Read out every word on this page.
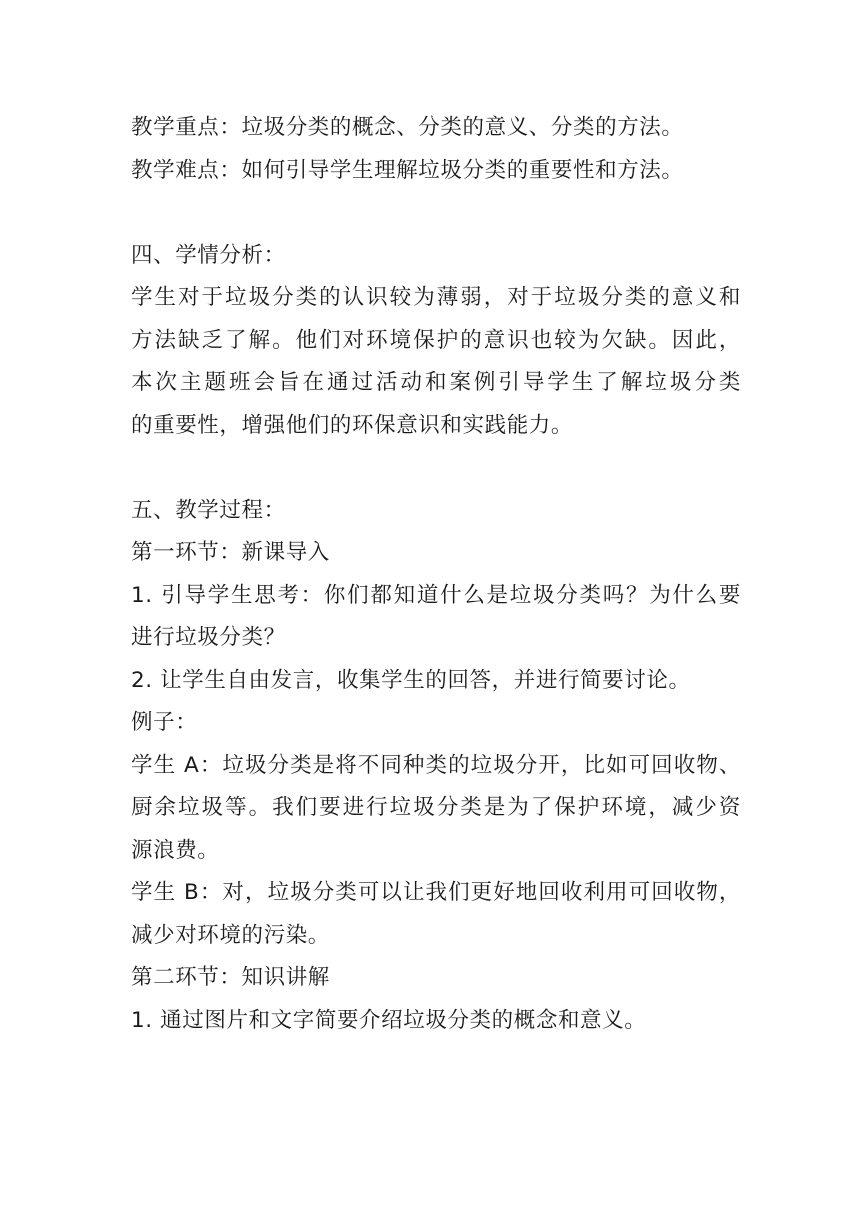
教学重点：垃圾分类的概念、分类的意义、分类的方法。
教学难点：如何引导学生理解垃圾分类的重要性和方法。
四、学情分析：
学生对于垃圾分类的认识较为薄弱，对于垃圾分类的意义和
方法缺乏了解。他们对环境保护的意识也较为欠缺。因此，
本次主题班会旨在通过活动和案例引导学生了解垃圾分类
的重要性，增强他们的环保意识和实践能力。
五、教学过程：
第一环节：新课导入
1. 引导学生思考：你们都知道什么是垃圾分类吗？为什么要
进行垃圾分类？
2. 让学生自由发言，收集学生的回答，并进行简要讨论。
例子：
学生 A：垃圾分类是将不同种类的垃圾分开，比如可回收物、
厨余垃圾等。我们要进行垃圾分类是为了保护环境，减少资
源浪费。
学生 B：对，垃圾分类可以让我们更好地回收利用可回收物，
减少对环境的污染。
第二环节：知识讲解
1. 通过图片和文字简要介绍垃圾分类的概念和意义。
